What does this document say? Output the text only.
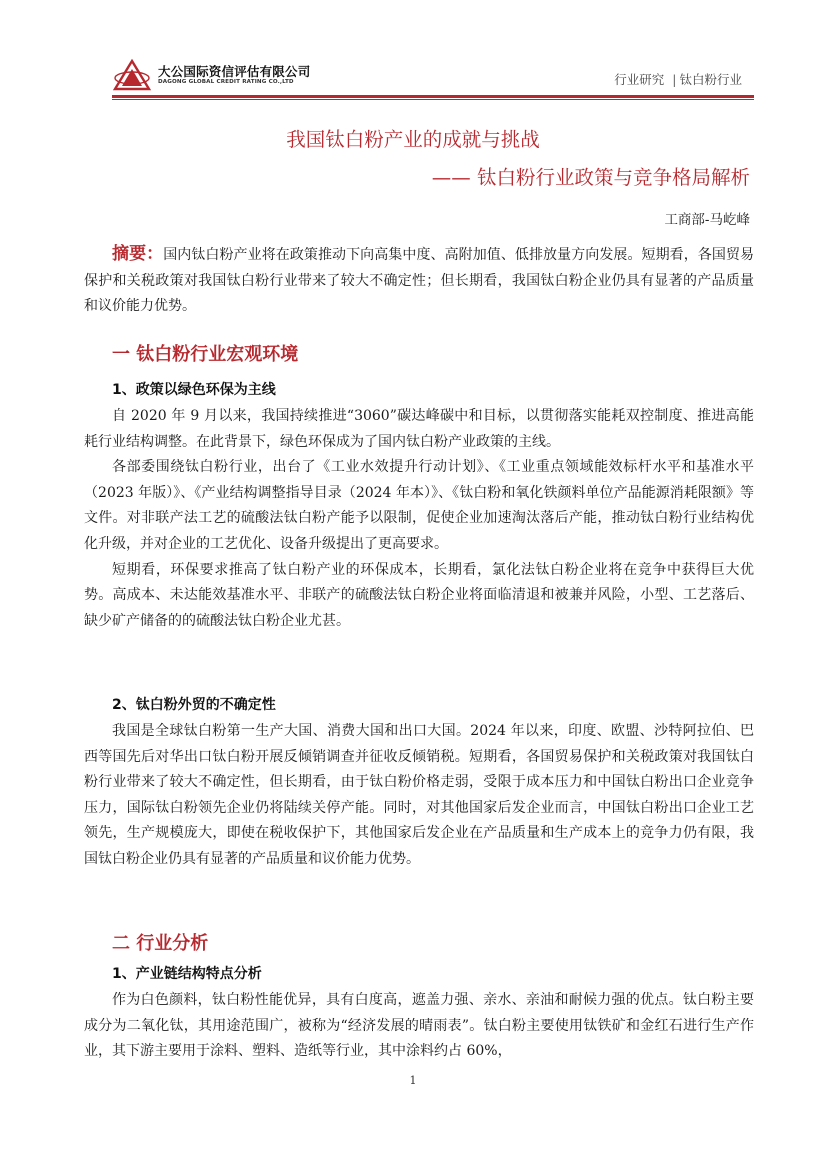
大公国际资信评估有限公司
DAGONG GLOBAL CREDIT RATING CO.,LTD	行业研究 | 钛白粉行业
我国钛白粉产业的成就与挑战
—— 钛白粉行业政策与竞争格局解析
工商部-马屹峰

摘要：国内钛白粉产业将在政策推动下向高集中度、高附加值、低排放量方向发展。短期看，各国贸易保护和关税政策对我国钛白粉行业带来了较大不确定性；但长期看，我国钛白粉企业仍具有显著的产品质量和议价能力优势。

一 钛白粉行业宏观环境
1、政策以绿色环保为主线

自 2020 年 9 月以来，我国持续推进“3060”碳达峰碳中和目标，以贯彻落实能耗双控制度、推进高能耗行业结构调整。在此背景下，绿色环保成为了国内钛白粉产业政策的主线。

各部委围绕钛白粉行业，出台了《工业水效提升行动计划》、《工业重点领域能效标杆水平和基准水平（2023 年版）》、《产业结构调整指导目录（2024 年本）》、《钛白粉和氧化铁颜料单位产品能源消耗限额》等文件。对非联产法工艺的硫酸法钛白粉产能予以限制，促使企业加速淘汰落后产能，推动钛白粉行业结构优化升级，并对企业的工艺优化、设备升级提出了更高要求。

短期看，环保要求推高了钛白粉产业的环保成本，长期看，氯化法钛白粉企业将在竞争中获得巨大优势。高成本、未达能效基准水平、非联产的硫酸法钛白粉企业将面临清退和被兼并风险，小型、工艺落后、缺少矿产储备的的硫酸法钛白粉企业尤甚。

2、钛白粉外贸的不确定性

我国是全球钛白粉第一生产大国、消费大国和出口大国。2024 年以来，印度、欧盟、沙特阿拉伯、巴西等国先后对华出口钛白粉开展反倾销调查并征收反倾销税。短期看，各国贸易保护和关税政策对我国钛白粉行业带来了较大不确定性，但长期看，由于钛白粉价格走弱，受限于成本压力和中国钛白粉出口企业竞争压力，国际钛白粉领先企业仍将陆续关停产能。同时，对其他国家后发企业而言，中国钛白粉出口企业工艺领先，生产规模庞大，即使在税收保护下，其他国家后发企业在产品质量和生产成本上的竞争力仍有限，我国钛白粉企业仍具有显著的产品质量和议价能力优势。

二 行业分析
1、产业链结构特点分析

作为白色颜料，钛白粉性能优异，具有白度高，遮盖力强、亲水、亲油和耐候力强的优点。钛白粉主要成分为二氧化钛，其用途范围广，被称为“经济发展的晴雨表”。钛白粉主要使用钛铁矿和金红石进行生产作业，其下游主要用于涂料、塑料、造纸等行业，其中涂料约占 60%，

1
